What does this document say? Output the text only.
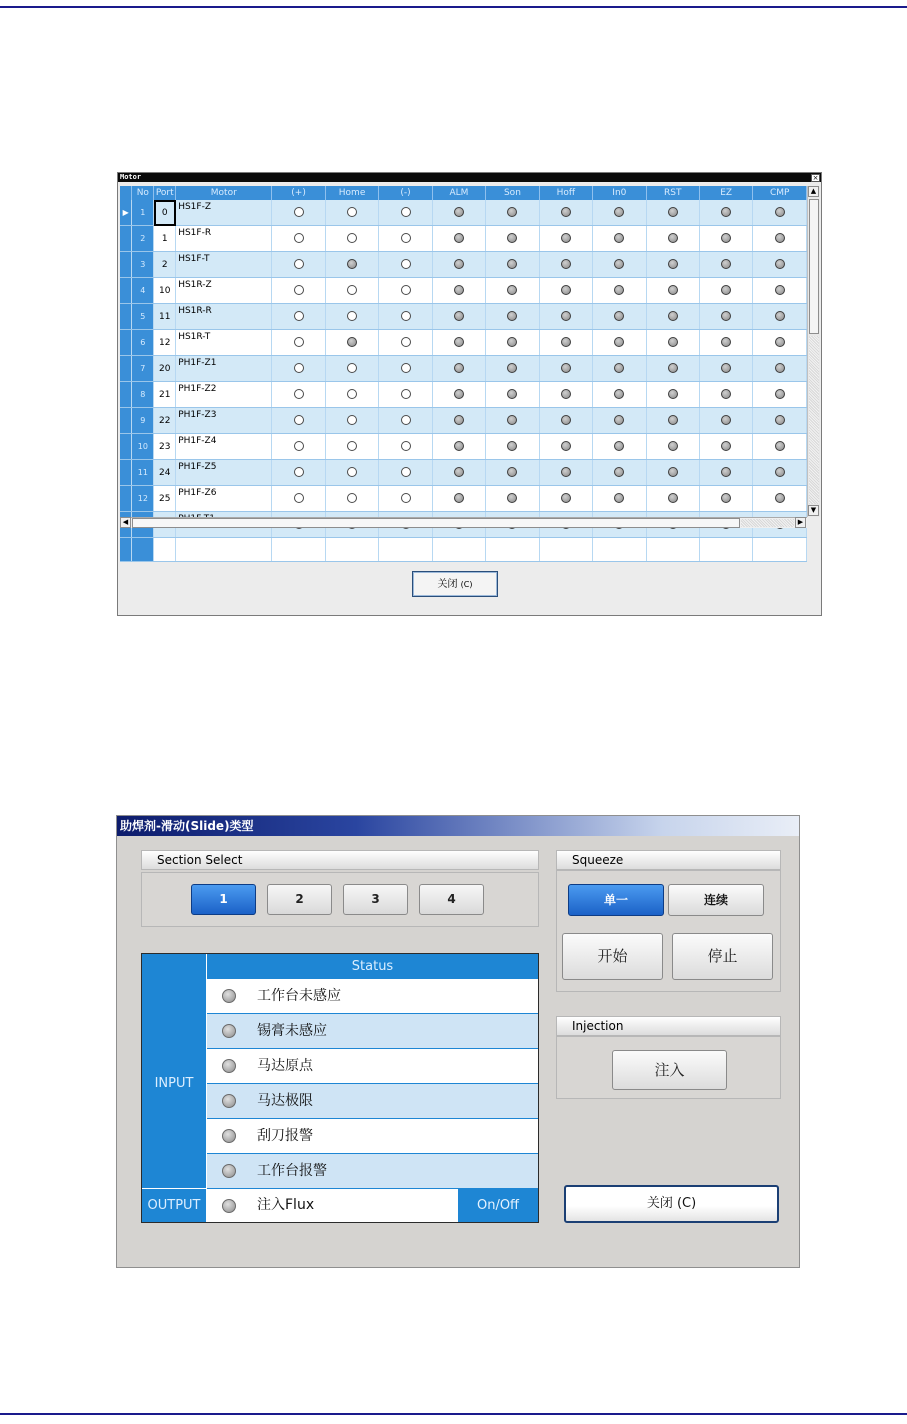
Motor	×
	No	Port	Motor	(+)	Home	(-)	ALM	Son	Hoff	In0	RST	EZ	CMP
▶	1	0	HS1F-Z										
	2	1	HS1F-R										
	3	2	HS1F-T										
	4	10	HS1R-Z										
	5	11	HS1R-R										
	6	12	HS1R-T										
	7	20	PH1F-Z1										
	8	21	PH1F-Z2										
	9	22	PH1F-Z3										
	10	23	PH1F-Z4										
	11	24	PH1F-Z5										
	12	25	PH1F-Z6										

▲
▼
◀	▶
关闭 (C)
助焊剂-滑动(Slide)类型
Section Select
1	2	3	4
Squeeze
单一	连续
开始	停止
Injection
注入
Status
INPUT
工作台未感应
锡膏未感应
马达原点
马达极限
刮刀报警
工作台报警
OUTPUT	注入Flux	On/Off	关闭 (C)
